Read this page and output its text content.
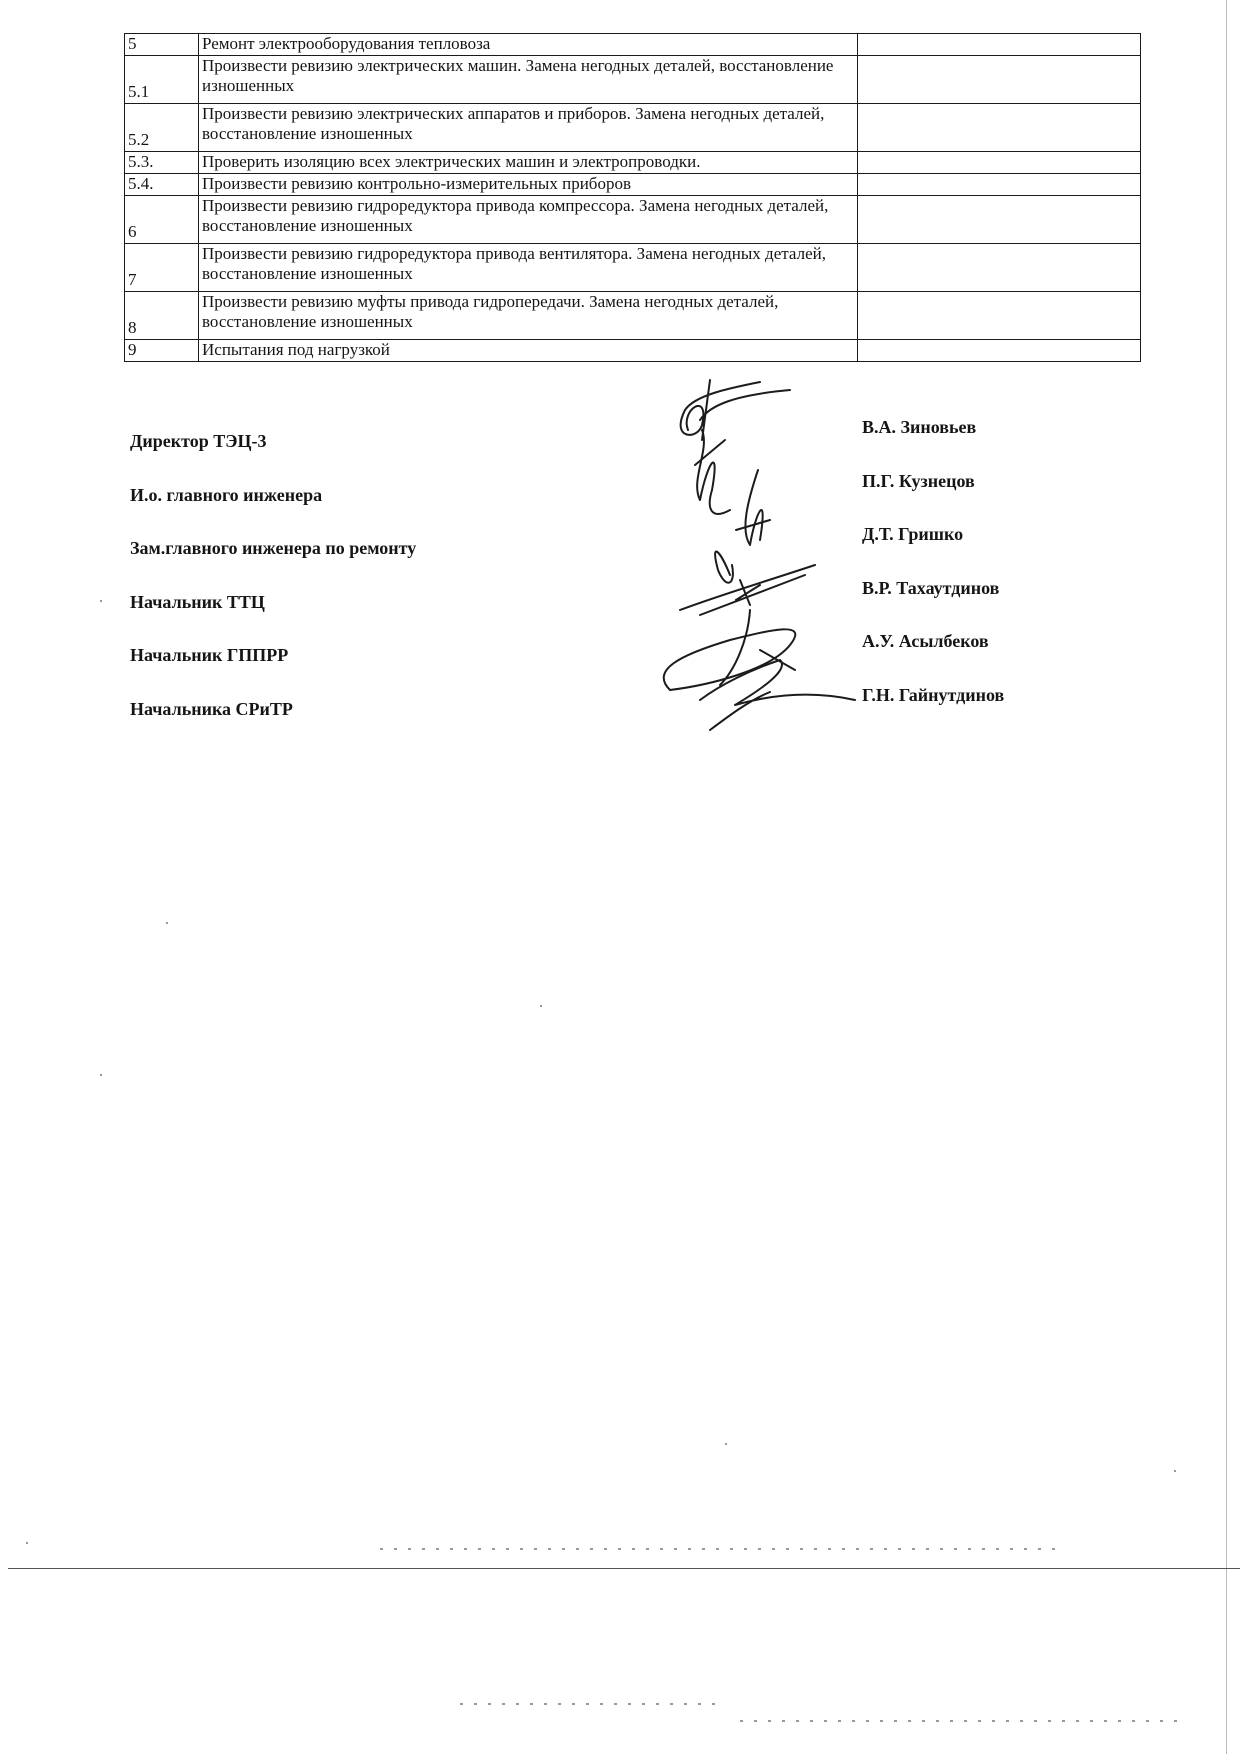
5	Ремонт электрооборудования тепловоза	
5.1	Произвести ревизию электрических машин. Замена негодных деталей, восстановление изношенных	
5.2	Произвести ревизию электрических аппаратов и приборов. Замена негодных деталей, восстановление изношенных	
5.3.	Проверить изоляцию всех электрических машин и электропроводки.	
5.4.	Произвести ревизию контрольно-измерительных приборов	
6	Произвести ревизию гидроредуктора привода компрессора. Замена негодных деталей, восстановление изношенных	
7	Произвести ревизию гидроредуктора привода вентилятора. Замена негодных деталей, восстановление изношенных	
8	Произвести ревизию муфты привода гидропередачи. Замена негодных деталей, восстановление изношенных	
9	Испытания под нагрузкой	
Директор ТЭЦ-3
И.о. главного инженера
Зам.главного инженера по ремонту
Начальник ТТЦ
Начальник ГППРР
Начальника СРиТР
В.А. Зиновьев
П.Г. Кузнецов
Д.Т. Гришко
В.Р. Тахаутдинов
А.У. Асылбеков
Г.Н. Гайнутдинов
